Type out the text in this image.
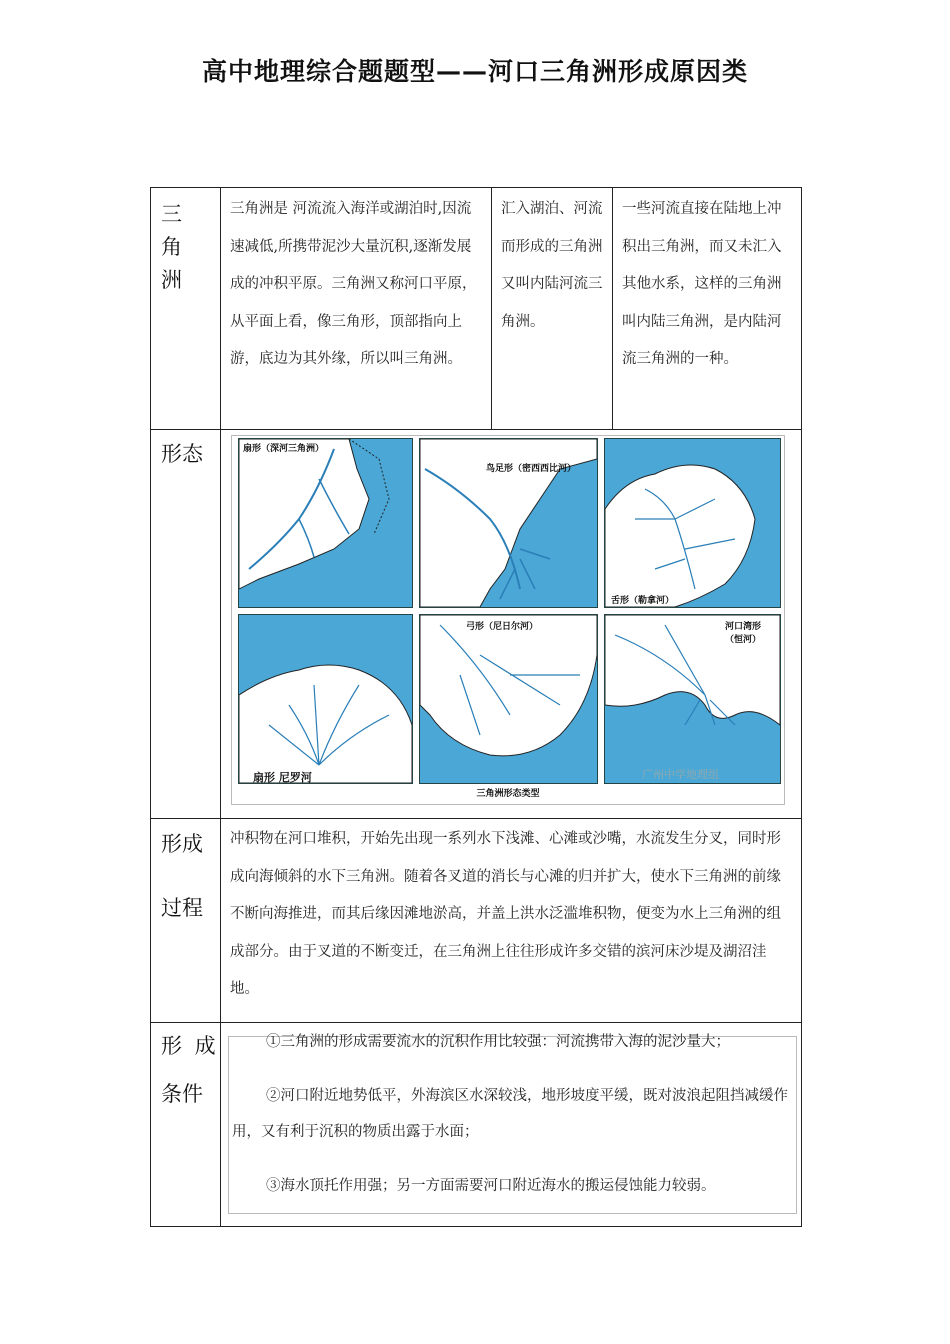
高中地理综合题题型——河口三角洲形成原因类
三 角 洲
三角洲是 河流流入海洋或湖泊时,因流速减低,所携带泥沙大量沉积,逐渐发展成的冲积平原。三角洲又称河口平原，从平面上看，像三角形，顶部指向上游，底边为其外缘，所以叫三角洲。
汇入湖泊、河流而形成的三角洲又叫内陆河流三角洲。
一些河流直接在陆地上冲积出三角洲，而又未汇入其他水系，这样的三角洲叫内陆三角洲，是内陆河流三角洲的一种。
形态	扇形（深河三角洲）
鸟足形（密西西比河）
舌形（勒拿河）
扇形 尼罗河
弓形（尼日尔河）	河口湾形（恒河）
广州中学地理组
三角洲形态类型
形成
过程
冲积物在河口堆积，开始先出现一系列水下浅滩、心滩或沙嘴，水流发生分叉，同时形成向海倾斜的水下三角洲。随着各叉道的消长与心滩的归并扩大，使水下三角洲的前缘不断向海推进，而其后缘因滩地淤高，并盖上洪水泛滥堆积物，便变为水上三角洲的组成部分。由于叉道的不断变迁，在三角洲上往往形成许多交错的滨河床沙堤及湖沼洼地。
形 成
条件

①三角洲的形成需要流水的沉积作用比较强：河流携带入海的泥沙量大；

②河口附近地势低平，外海滨区水深较浅，地形坡度平缓，既对波浪起阻挡减缓作用，又有利于沉积的物质出露于水面；

③海水顶托作用强；另一方面需要河口附近海水的搬运侵蚀能力较弱。
